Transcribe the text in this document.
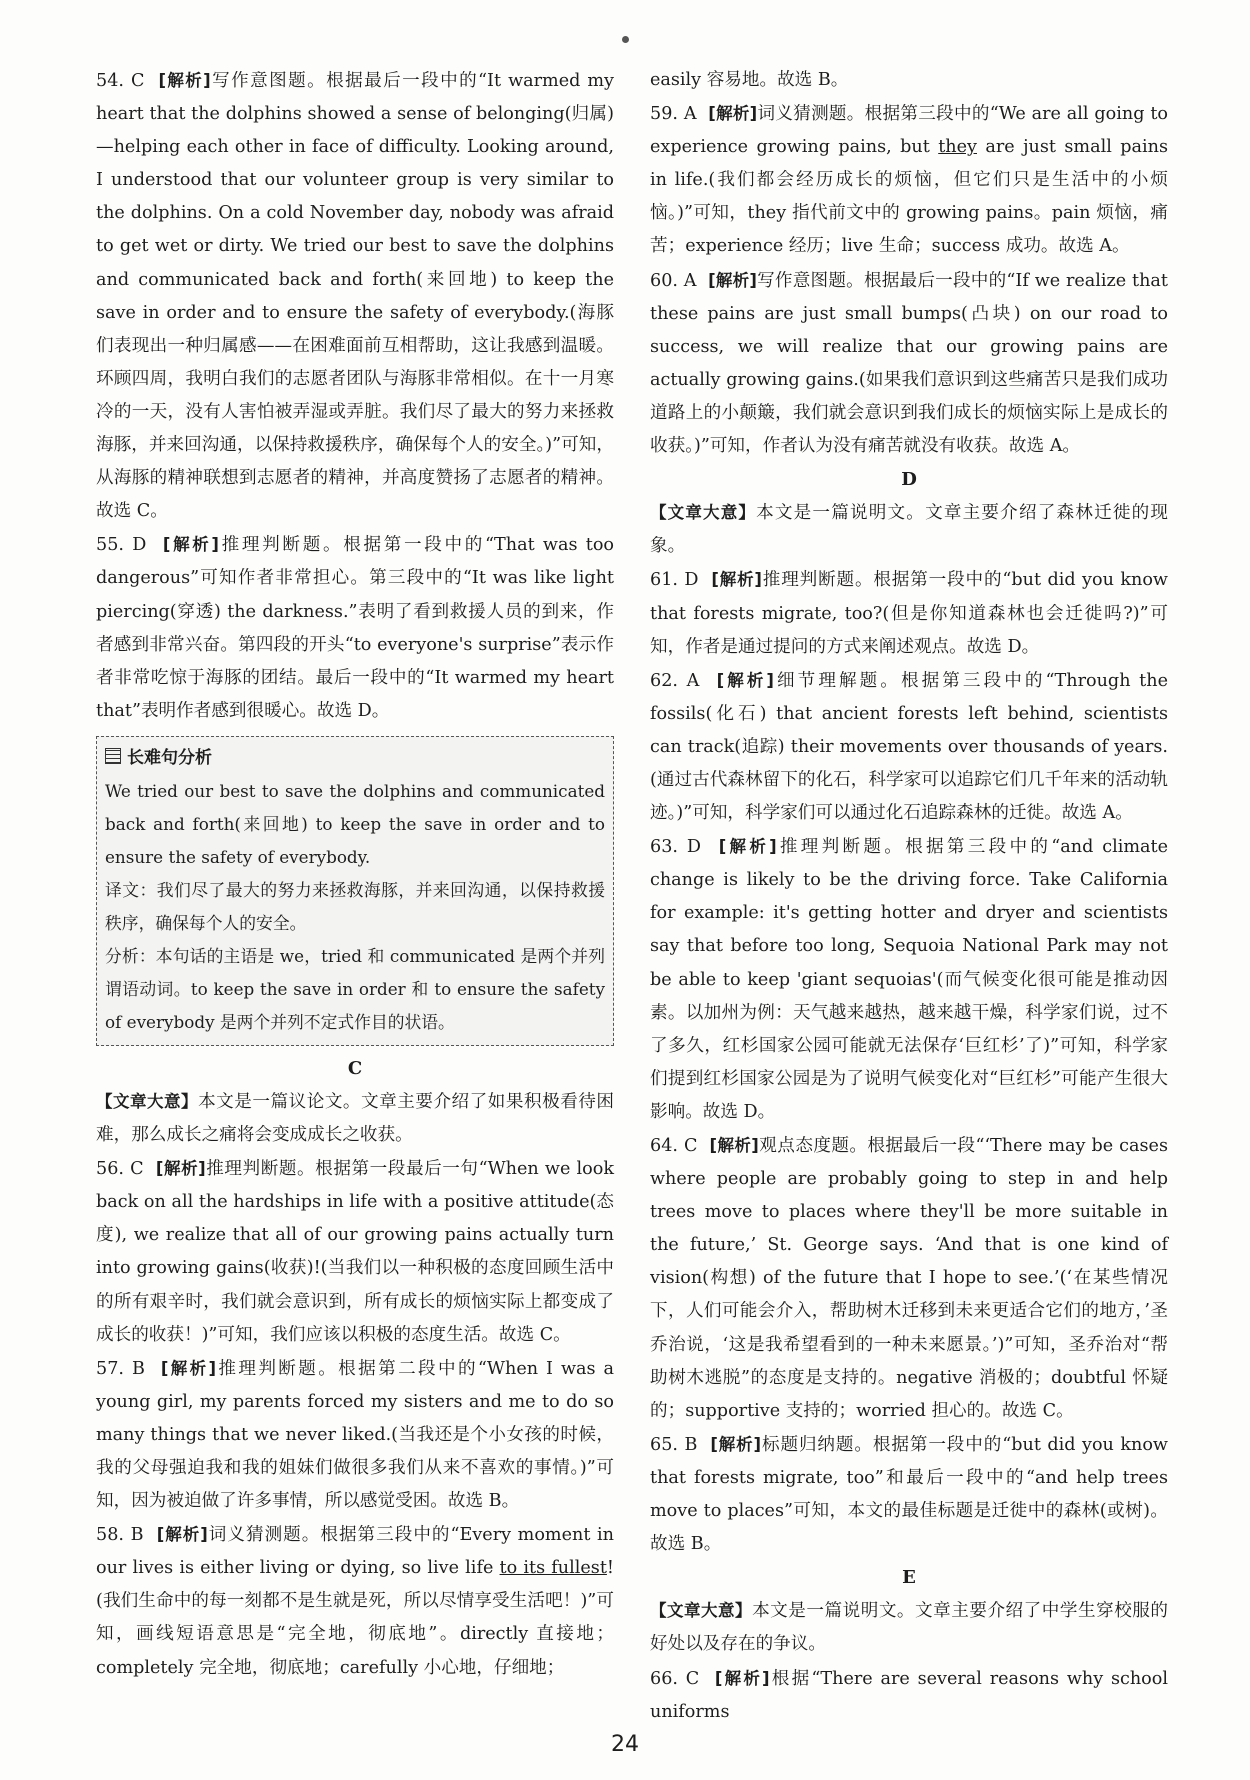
54. C [解析]写作意图题。根据最后一段中的“It warmed my heart that the dolphins showed a sense of belonging(归属)—helping each other in face of difficulty. Looking around, I understood that our volunteer group is very similar to the dolphins. On a cold November day, nobody was afraid to get wet or dirty. We tried our best to save the dolphins and communicated back and forth(来回地) to keep the save in order and to ensure the safety of everybody.(海豚们表现出一种归属感——在困难面前互相帮助，这让我感到温暖。环顾四周，我明白我们的志愿者团队与海豚非常相似。在十一月寒冷的一天，没有人害怕被弄湿或弄脏。我们尽了最大的努力来拯救海豚，并来回沟通，以保持救援秩序，确保每个人的安全。)”可知，从海豚的精神联想到志愿者的精神，并高度赞扬了志愿者的精神。故选 C。

55. D [解析]推理判断题。根据第一段中的“That was too dangerous”可知作者非常担心。第三段中的“It was like light piercing(穿透) the darkness.”表明了看到救援人员的到来，作者感到非常兴奋。第四段的开头“to everyone's surprise”表示作者非常吃惊于海豚的团结。最后一段中的“It warmed my heart that”表明作者感到很暖心。故选 D。

长难句分析

We tried our best to save the dolphins and communicated back and forth(来回地) to keep the save in order and to ensure the safety of everybody.

译文：我们尽了最大的努力来拯救海豚，并来回沟通，以保持救援秩序，确保每个人的安全。

分析：本句话的主语是 we，tried 和 communicated 是两个并列谓语动词。to keep the save in order 和 to ensure the safety of everybody 是两个并列不定式作目的状语。

C

【文章大意】本文是一篇议论文。文章主要介绍了如果积极看待困难，那么成长之痛将会变成成长之收获。

56. C [解析]推理判断题。根据第一段最后一句“When we look back on all the hardships in life with a positive attitude(态度), we realize that all of our growing pains actually turn into growing gains(收获)!(当我们以一种积极的态度回顾生活中的所有艰辛时，我们就会意识到，所有成长的烦恼实际上都变成了成长的收获！)”可知，我们应该以积极的态度生活。故选 C。

57. B [解析]推理判断题。根据第二段中的“When I was a young girl, my parents forced my sisters and me to do so many things that we never liked.(当我还是个小女孩的时候，我的父母强迫我和我的姐妹们做很多我们从来不喜欢的事情。)”可知，因为被迫做了许多事情，所以感觉受困。故选 B。

58. B [解析]词义猜测题。根据第三段中的“Every moment in our lives is either living or dying, so live life to its fullest!(我们生命中的每一刻都不是生就是死，所以尽情享受生活吧！)”可知，画线短语意思是“完全地，彻底地”。directly 直接地；completely 完全地，彻底地；carefully 小心地，仔细地；

easily 容易地。故选 B。

59. A [解析]词义猜测题。根据第三段中的“We are all going to experience growing pains, but they are just small pains in life.(我们都会经历成长的烦恼，但它们只是生活中的小烦恼。)”可知，they 指代前文中的 growing pains。pain 烦恼，痛苦；experience 经历；live 生命；success 成功。故选 A。

60. A [解析]写作意图题。根据最后一段中的“If we realize that these pains are just small bumps(凸块) on our road to success, we will realize that our growing pains are actually growing gains.(如果我们意识到这些痛苦只是我们成功道路上的小颠簸，我们就会意识到我们成长的烦恼实际上是成长的收获。)”可知，作者认为没有痛苦就没有收获。故选 A。

D

【文章大意】本文是一篇说明文。文章主要介绍了森林迁徙的现象。

61. D [解析]推理判断题。根据第一段中的“but did you know that forests migrate, too?(但是你知道森林也会迁徙吗?)”可知，作者是通过提问的方式来阐述观点。故选 D。

62. A [解析]细节理解题。根据第三段中的“Through the fossils(化石) that ancient forests left behind, scientists can track(追踪) their movements over thousands of years.(通过古代森林留下的化石，科学家可以追踪它们几千年来的活动轨迹。)”可知，科学家们可以通过化石追踪森林的迁徙。故选 A。

63. D [解析]推理判断题。根据第三段中的“and climate change is likely to be the driving force. Take California for example: it's getting hotter and dryer and scientists say that before too long, Sequoia National Park may not be able to keep 'giant sequoias'(而气候变化很可能是推动因素。以加州为例：天气越来越热，越来越干燥，科学家们说，过不了多久，红杉国家公园可能就无法保存‘巨红杉’了)”可知，科学家们提到红杉国家公园是为了说明气候变化对“巨红杉”可能产生很大影响。故选 D。

64. C [解析]观点态度题。根据最后一段“‘There may be cases where people are probably going to step in and help trees move to places where they'll be more suitable in the future,’ St. George says. ‘And that is one kind of vision(构想) of the future that I hope to see.’(‘在某些情况下，人们可能会介入，帮助树木迁移到未来更适合它们的地方，’圣乔治说，‘这是我希望看到的一种未来愿景。’)”可知，圣乔治对“帮助树木逃脱”的态度是支持的。negative 消极的；doubtful 怀疑的；supportive 支持的；worried 担心的。故选 C。

65. B [解析]标题归纳题。根据第一段中的“but did you know that forests migrate, too”和最后一段中的“and help trees move to places”可知，本文的最佳标题是迁徙中的森林(或树)。故选 B。

E

【文章大意】本文是一篇说明文。文章主要介绍了中学生穿校服的好处以及存在的争议。

66. C [解析]根据“There are several reasons why school uniforms

24
